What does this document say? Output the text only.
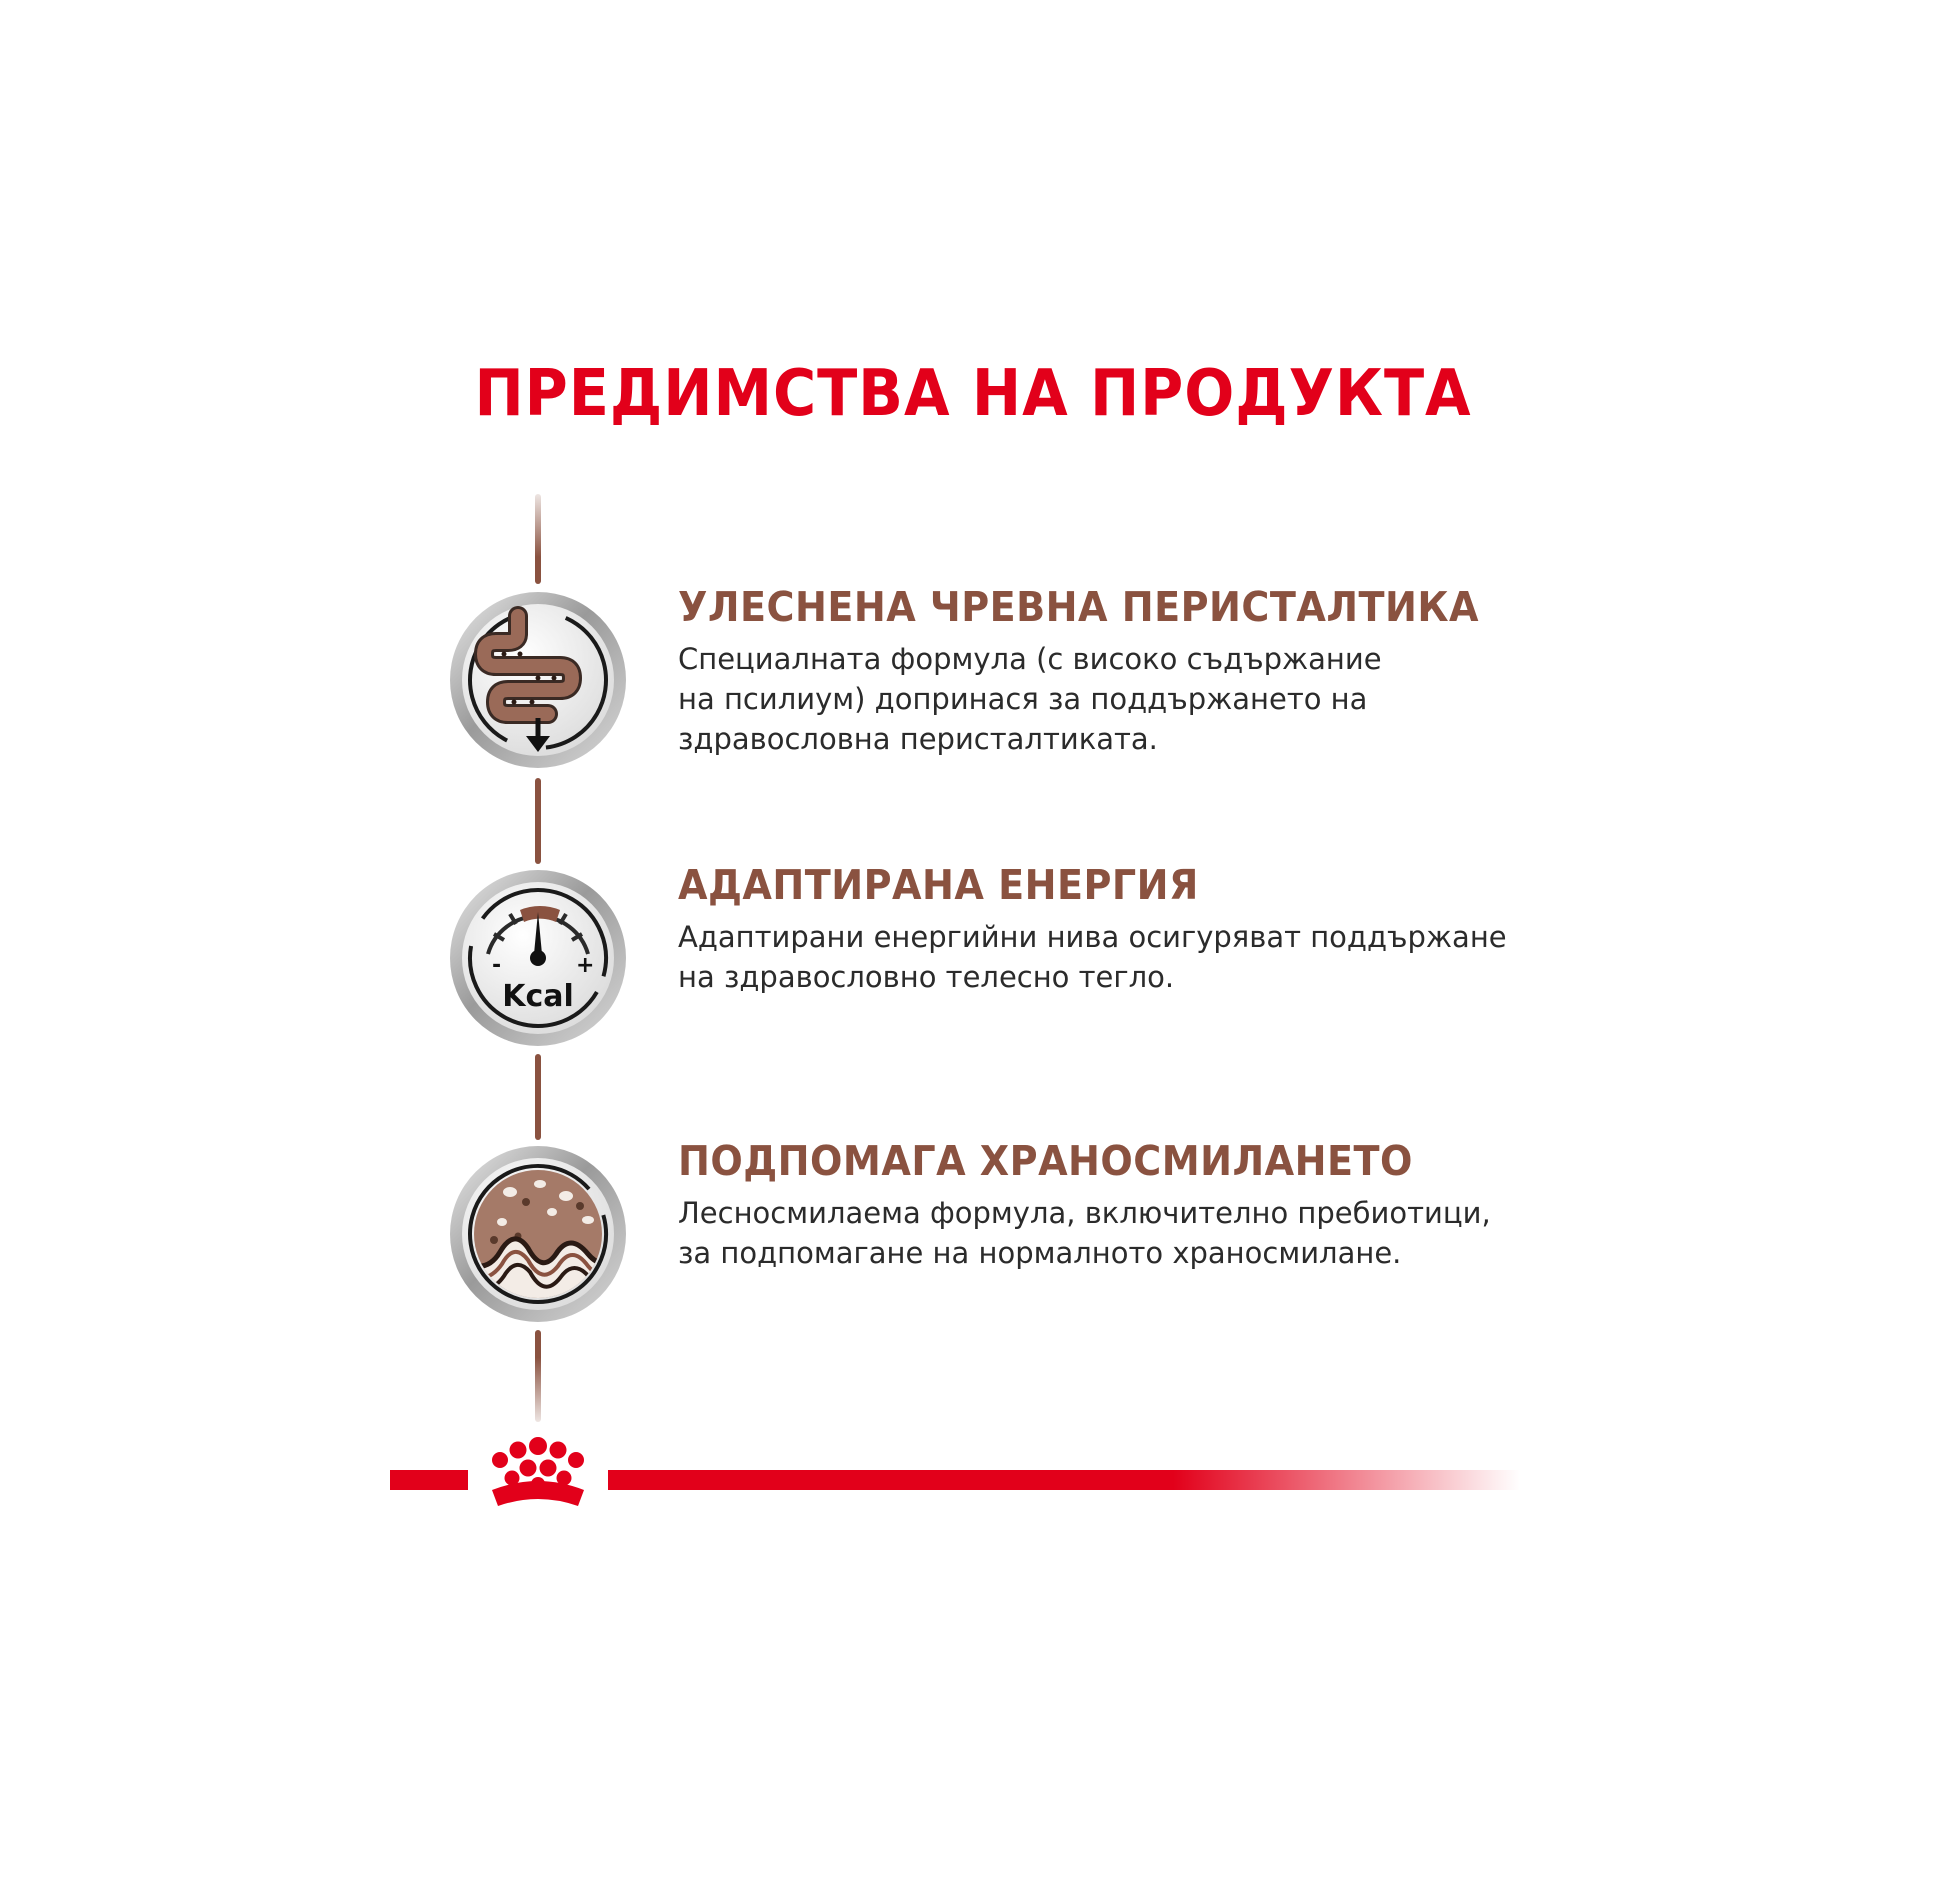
ПРЕДИМСТВА НА ПРОДУКТА
УЛЕСНЕНА ЧРЕВНА ПЕРИСТАЛТИКА

Специалната формула (с високо съдържание
на псилиум) допринася за поддържането на
здравословна перисталтиката.

-	+
Kcal
АДАПТИРАНА ЕНЕРГИЯ

Адаптирани енергийни нива осигуряват поддържане
на здравословно телесно тегло.

ПОДПОМАГА ХРАНОСМИЛАНЕТО

Лесносмилаема формула, включително пребиотици,
за подпомагане на нормалното храносмилане.
